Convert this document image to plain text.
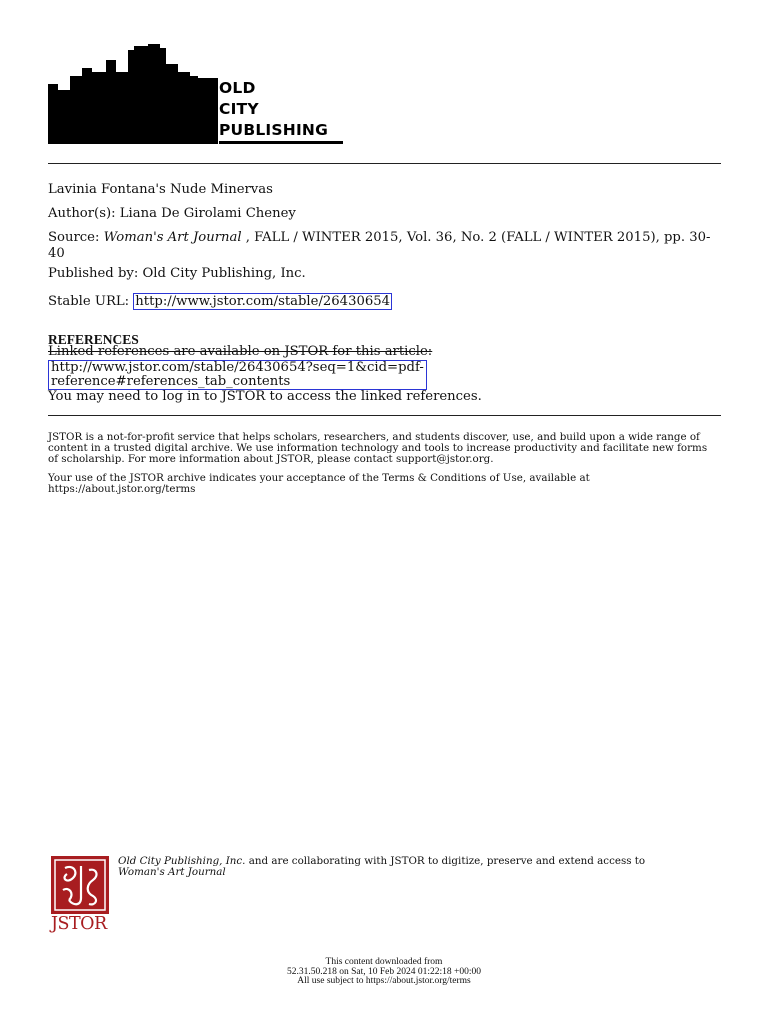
OLD
CITY
PUBLISHING
Lavinia Fontana's Nude Minervas
Author(s): Liana De Girolami Cheney
Source: Woman's Art Journal , FALL / WINTER 2015, Vol. 36, No. 2 (FALL / WINTER 2015), pp. 30-40
Published by: Old City Publishing, Inc.
Stable URL: http://www.jstor.com/stable/26430654
REFERENCES
Linked references are available on JSTOR for this article:
http://www.jstor.com/stable/26430654?seq=1&cid=pdf-
reference#references_tab_contents
You may need to log in to JSTOR to access the linked references.
JSTOR is a not-for-profit service that helps scholars, researchers, and students discover, use, and build upon a wide range of content in a trusted digital archive. We use information technology and tools to increase productivity and facilitate new forms of scholarship. For more information about JSTOR, please contact support@jstor.org.
Your use of the JSTOR archive indicates your acceptance of the Terms & Conditions of Use, available at https://about.jstor.org/terms
JSTOR
Old City Publishing, Inc. and are collaborating with JSTOR to digitize, preserve and extend access to Woman's Art Journal
This content downloaded from
52.31.50.218 on Sat, 10 Feb 2024 01:22:18 +00:00
All use subject to https://about.jstor.org/terms
